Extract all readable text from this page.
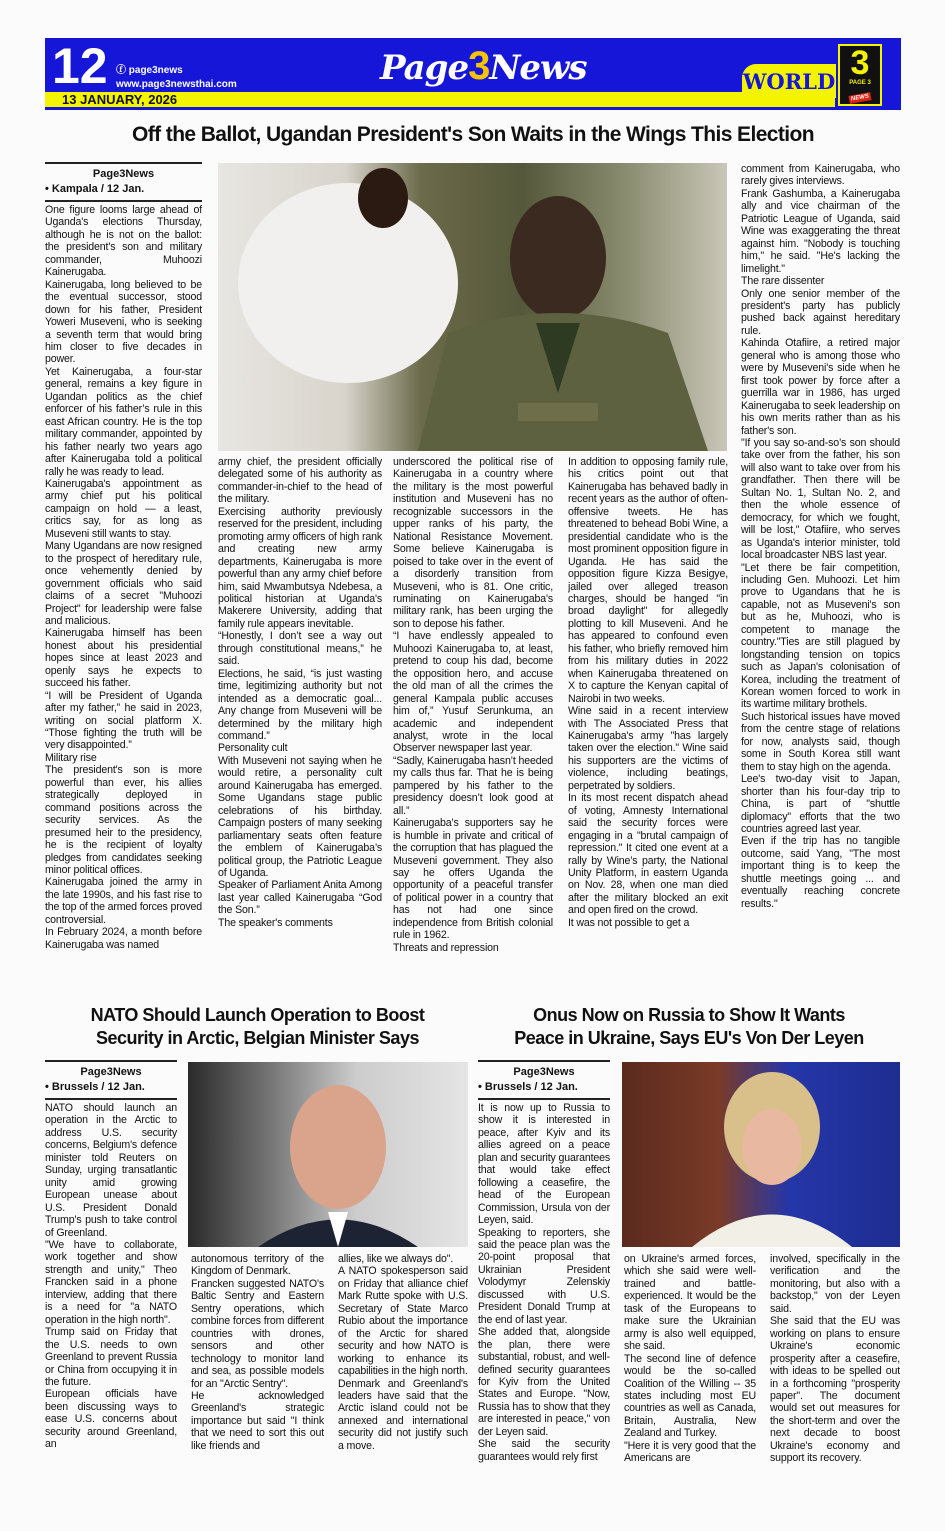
12 ⓕ page3news
www.page3newsthai.com
13 JANUARY, 2026
Page3News	WORLD 3
PAGE 3
NEWS
Off the Ballot, Ugandan President's Son Waits in the Wings This Election
Page3News
• Kampala / 12 Jan.

One figure looms large ahead of Uganda's elections Thursday, although he is not on the ballot: the president's son and military commander, Muhoozi Kainerugaba.

Kainerugaba, long believed to be the eventual successor, stood down for his father, President Yoweri Museveni, who is seeking a seventh term that would bring him closer to five decades in power.

Yet Kainerugaba, a four-star general, remains a key figure in Ugandan politics as the chief enforcer of his father’s rule in this east African country. He is the top military commander, appointed by his father nearly two years ago after Kainerugaba told a political rally he was ready to lead.

Kainerugaba's appointment as army chief put his political campaign on hold — a least, critics say, for as long as Museveni still wants to stay.

Many Ugandans are now resigned to the prospect of hereditary rule, once vehemently denied by government officials who said claims of a secret "Muhoozi Project" for leadership were false and malicious.

Kainerugaba himself has been honest about his presidential hopes since at least 2023 and openly says he expects to succeed his father.

“I will be President of Uganda after my father,” he said in 2023, writing on social platform X. “Those fighting the truth will be very disappointed.”

Military rise

The president's son is more powerful than ever, his allies strategically deployed in command positions across the security services. As the presumed heir to the presidency, he is the recipient of loyalty pledges from candidates seeking minor political offices.

Kainerugaba joined the army in the late 1990s, and his fast rise to the top of the armed forces proved controversial.

In February 2024, a month before Kainerugaba was named

army chief, the president officially delegated some of his authority as commander-in-chief to the head of the military.

Exercising authority previously reserved for the president, including promoting army officers of high rank and creating new army departments, Kainerugaba is more powerful than any army chief before him, said Mwambutsya Ndebesa, a political historian at Uganda's Makerere University, adding that family rule appears inevitable.

“Honestly, I don’t see a way out through constitutional means,” he said.

Elections, he said, “is just wasting time, legitimizing authority but not intended as a democratic goal... Any change from Museveni will be determined by the military high command.”

Personality cult

With Museveni not saying when he would retire, a personality cult around Kainerugaba has emerged. Some Ugandans stage public celebrations of his birthday. Campaign posters of many seeking parliamentary seats often feature the emblem of Kainerugaba’s political group, the Patriotic League of Uganda.

Speaker of Parliament Anita Among last year called Kainerugaba “God the Son.”

The speaker's comments

underscored the political rise of Kainerugaba in a country where the military is the most powerful institution and Museveni has no recognizable successors in the upper ranks of his party, the National Resistance Movement. Some believe Kainerugaba is poised to take over in the event of a disorderly transition from Museveni, who is 81. One critic, ruminating on Kainerugaba's military rank, has been urging the son to depose his father.

“I have endlessly appealed to Muhoozi Kainerugaba to, at least, pretend to coup his dad, become the opposition hero, and accuse the old man of all the crimes the general Kampala public accuses him of,” Yusuf Serunkuma, an academic and independent analyst, wrote in the local Observer newspaper last year.

“Sadly, Kainerugaba hasn’t heeded my calls thus far. That he is being pampered by his father to the presidency doesn’t look good at all.”

Kainerugaba’s supporters say he is humble in private and critical of the corruption that has plagued the Museveni government. They also say he offers Uganda the opportunity of a peaceful transfer of political power in a country that has not had one since independence from British colonial rule in 1962.

Threats and repression

In addition to opposing family rule, his critics point out that Kainerugaba has behaved badly in recent years as the author of often-offensive tweets. He has threatened to behead Bobi Wine, a presidential candidate who is the most prominent opposition figure in Uganda. He has said the opposition figure Kizza Besigye, jailed over alleged treason charges, should be hanged "in broad daylight" for allegedly plotting to kill Museveni. And he has appeared to confound even his father, who briefly removed him from his military duties in 2022 when Kainerugaba threatened on X to capture the Kenyan capital of Nairobi in two weeks.

Wine said in a recent interview with The Associated Press that Kainerugaba's army "has largely taken over the election." Wine said his supporters are the victims of violence, including beatings, perpetrated by soldiers.

In its most recent dispatch ahead of voting, Amnesty International said the security forces were engaging in a "brutal campaign of repression." It cited one event at a rally by Wine’s party, the National Unity Platform, in eastern Uganda on Nov. 28, when one man died after the military blocked an exit and open fired on the crowd.

It was not possible to get a

comment from Kainerugaba, who rarely gives interviews.

Frank Gashumba, a Kainerugaba ally and vice chairman of the Patriotic League of Uganda, said Wine was exaggerating the threat against him. "Nobody is touching him," he said. "He's lacking the limelight."

The rare dissenter

Only one senior member of the president's party has publicly pushed back against hereditary rule.

Kahinda Otafiire, a retired major general who is among those who were by Museveni's side when he first took power by force after a guerrilla war in 1986, has urged Kainerugaba to seek leadership on his own merits rather than as his father's son.

"If you say so-and-so’s son should take over from the father, his son will also want to take over from his grandfather. Then there will be Sultan No. 1, Sultan No. 2, and then the whole essence of democracy, for which we fought, will be lost," Otafiire, who serves as Uganda's interior minister, told local broadcaster NBS last year.

"Let there be fair competition, including Gen. Muhoozi. Let him prove to Ugandans that he is capable, not as Museveni's son but as he, Muhoozi, who is competent to manage the country."Ties are still plagued by longstanding tension on topics such as Japan's colonisation of Korea, including the treatment of Korean women forced to work in its wartime military brothels.

Such historical issues have moved from the centre stage of relations for now, analysts said, though some in South Korea still want them to stay high on the agenda.

Lee's two-day visit to Japan, shorter than his four-day trip to China, is part of "shuttle diplomacy" efforts that the two countries agreed last year.

Even if the trip has no tangible outcome, said Yang, "The most important thing is to keep the shuttle meetings going ... and eventually reaching concrete results."

NATO Should Launch Operation to Boost
Security in Arctic, Belgian Minister Says
Page3News
• Brussels / 12 Jan.

NATO should launch an operation in the Arctic to address U.S. security concerns, Belgium's defence minister told Reuters on Sunday, urging transatlantic unity amid growing European unease about U.S. President Donald Trump's push to take control of Greenland.

"We have to collaborate, work together and show strength and unity," Theo Francken said in a phone interview, adding that there is a need for "a NATO operation in the high north".

Trump said on Friday that the U.S. needs to own Greenland to prevent Russia or China from occupying it in the future.

European officials have been discussing ways to ease U.S. concerns about security around Greenland, an

autonomous territory of the Kingdom of Denmark.

Francken suggested NATO's Baltic Sentry and Eastern Sentry operations, which combine forces from different countries with drones, sensors and other technology to monitor land and sea, as possible models for an "Arctic Sentry".

He acknowledged Greenland's strategic importance but said "I think that we need to sort this out like friends and

allies, like we always do".

A NATO spokesperson said on Friday that alliance chief Mark Rutte spoke with U.S. Secretary of State Marco Rubio about the importance of the Arctic for shared security and how NATO is working to enhance its capabilities in the high north.

Denmark and Greenland's leaders have said that the Arctic island could not be annexed and international security did not justify such a move.

Onus Now on Russia to Show It Wants
Peace in Ukraine, Says EU's Von Der Leyen
Page3News
• Brussels / 12 Jan.

It is now up to Russia to show it is interested in peace, after Kyiv and its allies agreed on a peace plan and security guarantees that would take effect following a ceasefire, the head of the European Commission, Ursula von der Leyen, said.

Speaking to reporters, she said the peace plan was the 20-point proposal that Ukrainian President Volodymyr Zelenskiy discussed with U.S. President Donald Trump at the end of last year.

She added that, alongside the plan, there were substantial, robust, and well-defined security guarantees for Kyiv from the United States and Europe. "Now, Russia has to show that they are interested in peace," von der Leyen said.

She said the security guarantees would rely first

on Ukraine's armed forces, which she said were well-trained and battle-experienced. It would be the task of the Europeans to make sure the Ukrainian army is also well equipped, she said.

The second line of defence would be the so-called Coalition of the Willing -- 35 states including most EU countries as well as Canada, Britain, Australia, New Zealand and Turkey.

"Here it is very good that the Americans are

involved, specifically in the verification and the monitoring, but also with a backstop," von der Leyen said.

She said that the EU was working on plans to ensure Ukraine's economic prosperity after a ceasefire, with ideas to be spelled out in a forthcoming "prosperity paper". The document would set out measures for the short-term and over the next decade to boost Ukraine's economy and support its recovery.
